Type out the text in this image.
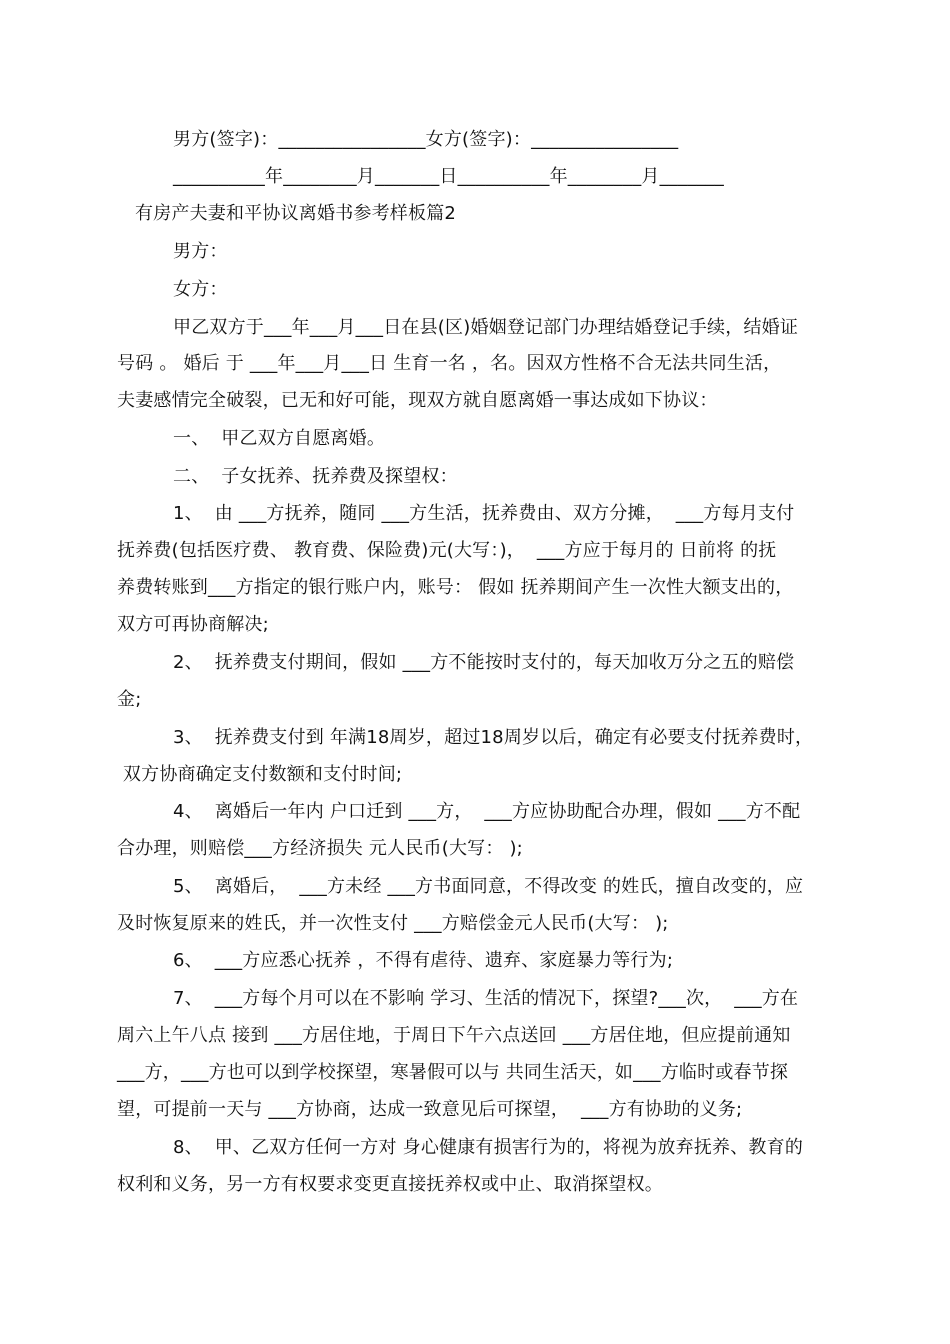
男方(签字)：________________女方(签字)：________________
__________年________月_______日__________年________月_______
有房产夫妻和平协议离婚书参考样板篇2
男方：
女方：
甲乙双方于___年___月___日在县(区)婚姻登记部门办理结婚登记手续，结婚证
号码 。 婚后 于 ___年___月___日 生育一名 ，名。因双方性格不合无法共同生活，
夫妻感情完全破裂，已无和好可能，现双方就自愿离婚一事达成如下协议：
一、  甲乙双方自愿离婚。
二、  子女抚养、抚养费及探望权：
1、  由 ___方抚养，随同 ___方生活，抚养费由、双方分摊，  ___方每月支付
抚养费(包括医疗费、 教育费、保险费)元(大写：)，  ___方应于每月的 日前将 的抚
养费转账到___方指定的银行账户内，账号： 假如 抚养期间产生一次性大额支出的，
双方可再协商解决;
2、  抚养费支付期间，假如 ___方不能按时支付的，每天加收万分之五的赔偿
金;
3、  抚养费支付到 年满18周岁，超过18周岁以后，确定有必要支付抚养费时，
双方协商确定支付数额和支付时间;
4、  离婚后一年内 户口迁到 ___方，  ___方应协助配合办理，假如 ___方不配
合办理，则赔偿___方经济损失 元人民币(大写： );
5、  离婚后，  ___方未经 ___方书面同意，不得改变 的姓氏，擅自改变的，应
及时恢复原来的姓氏，并一次性支付 ___方赔偿金元人民币(大写： );
6、  ___方应悉心抚养 ，不得有虐待、遗弃、家庭暴力等行为;
7、  ___方每个月可以在不影响 学习、生活的情况下，探望?___次，  ___方在
周六上午八点 接到 ___方居住地，于周日下午六点送回 ___方居住地，但应提前通知
___方，___方也可以到学校探望，寒暑假可以与 共同生活天，如___方临时或春节探
望，可提前一天与 ___方协商，达成一致意见后可探望，  ___方有协助的义务;
8、  甲、乙双方任何一方对 身心健康有损害行为的，将视为放弃抚养、教育的
权利和义务，另一方有权要求变更直接抚养权或中止、取消探望权。
